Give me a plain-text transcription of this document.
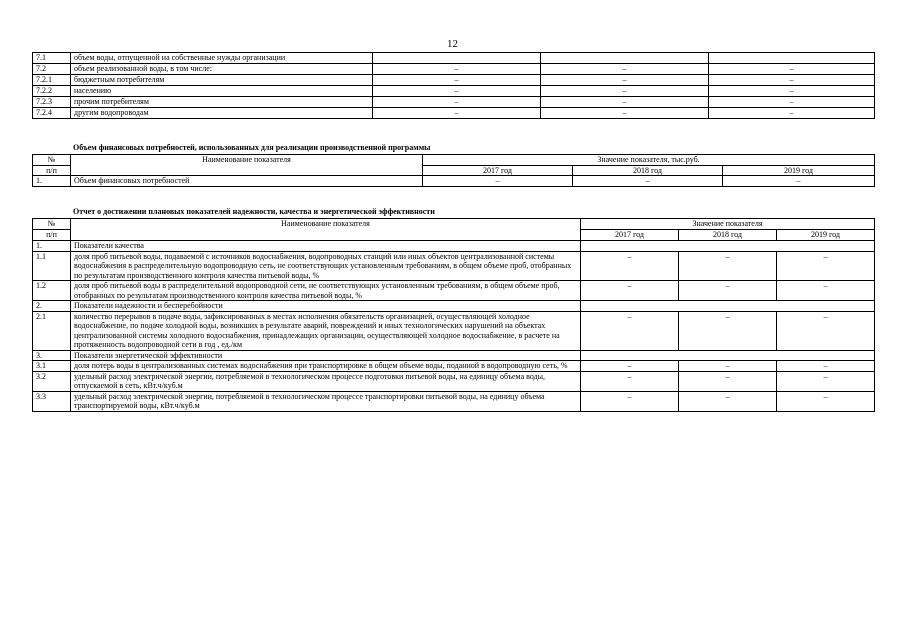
12
7.1	объем воды, отпущенной на собственные нужды организации			
7.2	объем реализованной воды, в том числе:	–	–	–
7.2.1	бюджетным потребителям	–	–	–
7.2.2	населению	–	–	–
7.2.3	прочим потребителям	–	–	–
7.2.4	другим водопроводам	–	–	–
Объем финансовых потребностей, использованных для реализации производственной программы
№	Наименование показателя	Значение показателя, тыс.руб.		
п/п		2017 год	2018 год	2019 год
1.	Объем финансовых потребностей	–	–	–
Отчет о достижении плановых показателей надежности, качества и энергетической эффективности
№	Наименование показателя	Значение показателя		
п/п		2017 год	2018 год	2019 год
1.	Показатели качества			
1.1	доля проб питьевой воды, подаваемой с источников водоснабжения, водопроводных станций или иных объектов централизованной системы водоснабжения в распределительную водопроводную сеть, не соответствующих установленным требованиям, в общем объеме проб, отобранных по результатам производственного контроля качества питьевой воды, %	–	–	–
1.2	доля проб питьевой воды в распределительной водопроводной сети, не соответствующих установленным требованиям, в общем объеме проб, отобранных по результатам производственного контроля качества питьевой воды, %	–	–	–
2.	Показатели надежности и бесперебойности			
2.1	количество перерывов в подаче воды, зафиксированных в местах исполнения обязательств организацией, осуществляющей холодное водоснабжение, по подаче холодной воды, возникших в результате аварий, повреждений и иных технологических нарушений на объектах централизованной системы холодного водоснабжения, принадлежащих организации, осуществляющей холодное водоснабжение, в расчете на протяженность водопроводной сети в год , ед./км	–	–	–
3.	Показатели энергетической эффективности			
3.1	доля потерь воды в централизованных системах водоснабжения при транспортировке в общем объеме воды, поданной в водопроводную сеть, %	–	–	–
3.2	удельный расход электрической энергии, потребляемой в технологическом процессе подготовки питьевой воды, на единицу объема воды, отпускаемой в сеть, кВт.ч/куб.м	–	–	–
3.3	удельный расход электрической энергии, потребляемой в технологическом процессе транспортировки питьевой воды, на единицу объема транспортируемой воды, кВт.ч/куб.м	–	–	–
